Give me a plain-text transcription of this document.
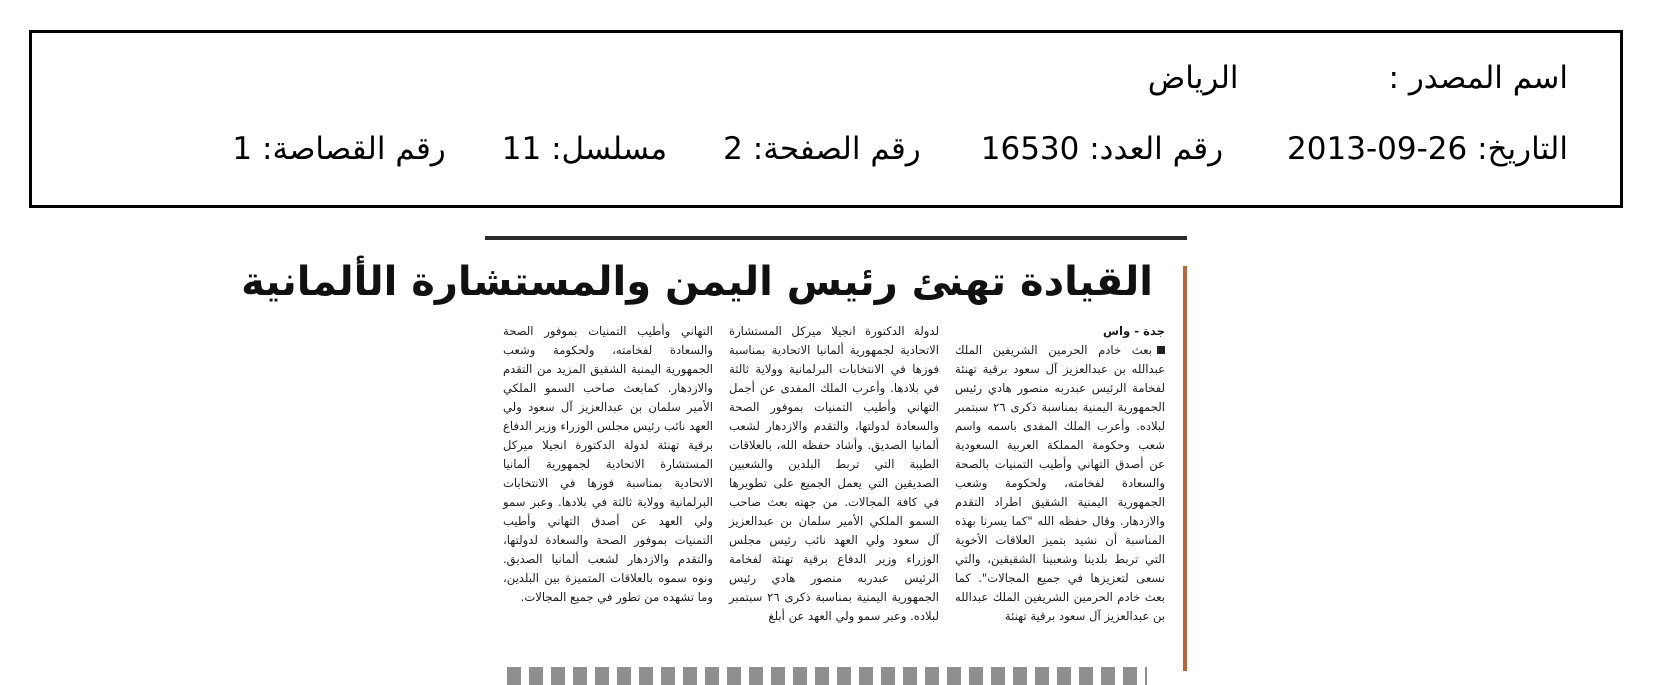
اسم المصدر :الرياض
التاريخ: 2013-09-26رقم العدد: 16530رقم الصفحة: 2مسلسل: 11رقم القصاصة: 1
القيادة تهنئ رئيس اليمن والمستشارة الألمانية
جدة - واس

بعث خادم الحرمين الشريفين الملك عبدالله بن عبدالعزيز آل سعود برقية تهنئة لفخامة الرئيس عبدربه منصور هادي رئيس الجمهورية اليمنية بمناسبة ذكرى ٢٦ سبتمبر لبلاده. وأعرب الملك المفدى باسمه واسم شعب وحكومة المملكة العربية السعودية عن أصدق التهاني وأطيب التمنيات بالصحة والسعادة لفخامته، ولحكومة وشعب الجمهورية اليمنية الشقيق اطراد التقدم والازدهار. وقال حفظه الله "كما يسرنا بهذه المناسبة أن نشيد بتميز العلاقات الأخوية التي تربط بلدينا وشعبينا الشقيقين، والتي نسعى لتعزيزها في جميع المجالات". كما بعث خادم الحرمين الشريفين الملك عبدالله بن عبدالعزيز آل سعود برقية تهنئة

لدولة الدكتورة انجيلا ميركل المستشارة الاتحادية لجمهورية ألمانيا الاتحادية بمناسبة فوزها في الانتخابات البرلمانية وولاية ثالثة في بلادها. وأعرب الملك المفدى عن أجمل التهاني وأطيب التمنيات بموفور الصحة والسعادة لدولتها، والتقدم والازدهار لشعب ألمانيا الصديق. وأشاد حفظه الله، بالعلاقات الطيبة التي تربط البلدين والشعبين الصديقين التي يعمل الجميع على تطويرها في كافة المجالات. من جهته بعث صاحب السمو الملكي الأمير سلمان بن عبدالعزيز آل سعود ولي العهد نائب رئيس مجلس الوزراء وزير الدفاع برقية تهنئة لفخامة الرئيس عبدربه منصور هادي رئيس الجمهورية اليمنية بمناسبة ذكرى ٢٦ سبتمبر لبلاده. وعبر سمو ولي العهد عن أبلغ

التهاني وأطيب التمنيات بموفور الصحة والسعادة لفخامته، ولحكومة وشعب الجمهورية اليمنية الشقيق المزيد من التقدم والازدهار. كمابعث صاحب السمو الملكي الأمير سلمان بن عبدالعزيز آل سعود ولي العهد نائب رئيس مجلس الوزراء وزير الدفاع برقية تهنئة لدولة الدكتورة انجيلا ميركل المستشارة الاتحادية لجمهورية ألمانيا الاتحادية بمناسبة فوزها في الانتخابات البرلمانية وولاية ثالثة في بلادها. وعبر سمو ولي العهد عن أصدق التهاني وأطيب التمنيات بموفور الصحة والسعادة لدولتها، والتقدم والازدهار لشعب ألمانيا الصديق. ونوه سموه بالعلاقات المتميزة بين البلدين، وما تشهده من تطور في جميع المجالات.
